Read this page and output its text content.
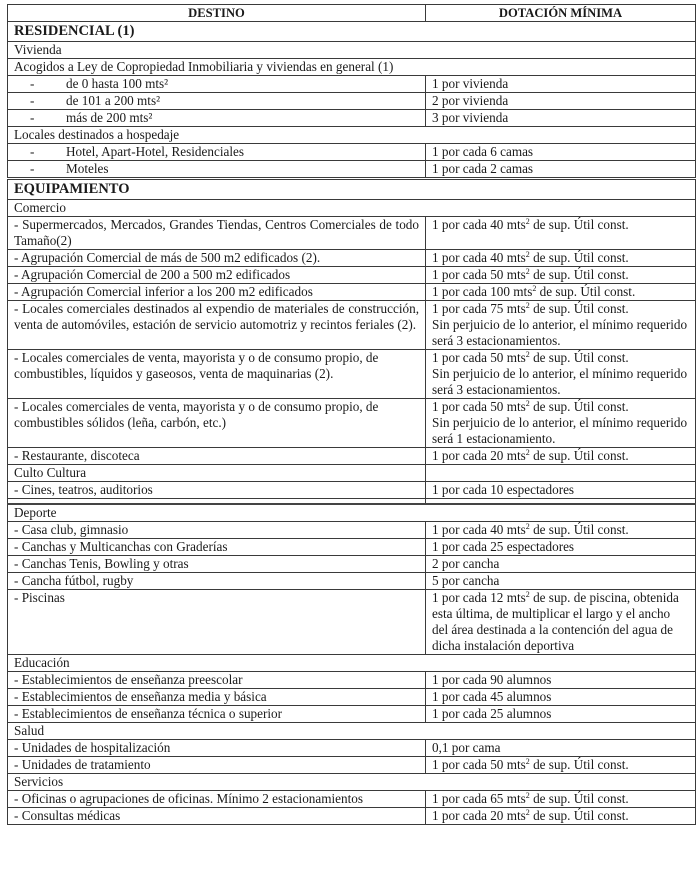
DESTINO	DOTACIÓN MÍNIMA
RESIDENCIAL (1)	
Vivienda	
Acogidos a Ley de Copropiedad Inmobiliaria y viviendas en general (1)	
- de 0 hasta 100 mts²	1 por vivienda
- de 101 a 200 mts²	2 por vivienda
- más de 200 mts²	3 por vivienda
Locales destinados a hospedaje	
- Hotel, Apart-Hotel, Residenciales	1 por cada 6 camas
- Moteles	1 por cada 2 camas
EQUIPAMIENTO	
Comercio	
- Supermercados, Mercados, Grandes Tiendas, Centros Comerciales de todo Tamaño(2)	1 por cada 40 mts$^2$ de sup. Útil const.
- Agrupación Comercial de más de 500 m2 edificados (2).	1 por cada 40 mts$^2$ de sup. Útil const.
- Agrupación Comercial de 200 a 500 m2 edificados	1 por cada 50 mts$^2$ de sup. Útil const.
- Agrupación Comercial inferior a los 200 m2 edificados	1 por cada 100 mts$^2$ de sup. Útil const.
- Locales comerciales destinados al expendio de materiales de construcción, venta de automóviles, estación de servicio automotriz y recintos feriales (2).	1 por cada 75 mts$^2$ de sup. Útil const.
Sin perjuicio de lo anterior, el mínimo requerido será 3 estacionamientos.
- Locales comerciales de venta, mayorista y o de consumo propio, de combustibles, líquidos y gaseosos, venta de maquinarias (2).	1 por cada 50 mts$^2$ de sup. Útil const.
Sin perjuicio de lo anterior, el mínimo requerido será 3 estacionamientos.
- Locales comerciales de venta, mayorista y o de consumo propio, de combustibles sólidos (leña, carbón, etc.)	1 por cada 50 mts$^2$ de sup. Útil const.
Sin perjuicio de lo anterior, el mínimo requerido será 1 estacionamiento.
- Restaurante, discoteca	1 por cada 20 mts$^2$ de sup. Útil const.
Culto Cultura	
- Cines, teatros, auditorios	1 por cada 10 espectadores

Deporte	
- Casa club, gimnasio	1 por cada 40 mts$^2$ de sup. Útil const.
- Canchas y Multicanchas con Graderías	1 por cada 25 espectadores
- Canchas Tenis, Bowling y otras	2 por cancha
- Cancha fútbol, rugby	5 por cancha
- Piscinas	1 por cada 12 mts$^2$ de sup. de piscina, obtenida esta última, de multiplicar el largo y el ancho del área destinada a la contención del agua de dicha instalación deportiva
Educación	
- Establecimientos de enseñanza preescolar	1 por cada 90 alumnos
- Establecimientos de enseñanza media y básica	1 por cada 45 alumnos
- Establecimientos de enseñanza técnica o superior	1 por cada 25 alumnos
Salud	
- Unidades de hospitalización	0,1 por cama
- Unidades de tratamiento	1 por cada 50 mts$^2$ de sup. Útil const.
Servicios	
- Oficinas o agrupaciones de oficinas. Mínimo 2 estacionamientos	1 por cada 65 mts$^2$ de sup. Útil const.
- Consultas médicas	1 por cada 20 mts$^2$ de sup. Útil const.
